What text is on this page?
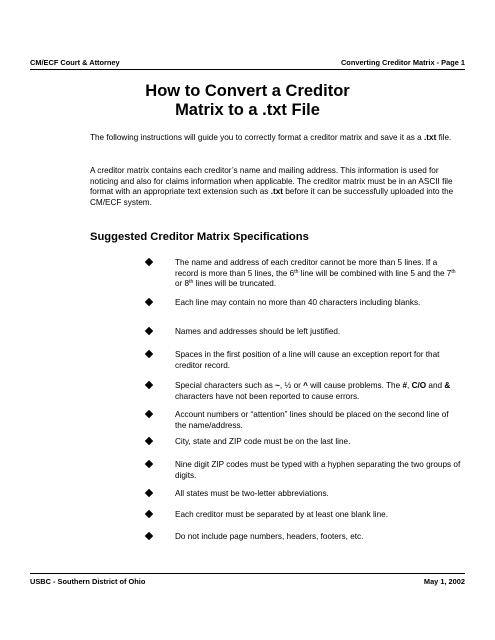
CM/ECF Court & Attorney	Converting Creditor Matrix - Page 1
How to Convert a Creditor
Matrix to a .txt File
The following instructions will guide you to correctly format a creditor matrix and save it as a .txt file.
A creditor matrix contains each creditor’s name and mailing address. This information is used for noticing and also for claims information when applicable. The creditor matrix must be in an ASCII file format with an appropriate text extension such as .txt before it can be successfully uploaded into the CM/ECF system.
Suggested Creditor Matrix Specifications
The name and address of each creditor cannot be more than 5 lines. If a record is more than 5 lines, the 6th line will be combined with line 5 and the 7th or 8th lines will be truncated.
Each line may contain no more than 40 characters including blanks.
Names and addresses should be left justified.
Spaces in the first position of a line will cause an exception report for that creditor record.
Special characters such as ~, ½ or ^ will cause problems. The #, C/O and & characters have not been reported to cause errors.
Account numbers or “attention” lines should be placed on the second line of the name/address.
City, state and ZIP code must be on the last line.
Nine digit ZIP codes must be typed with a hyphen separating the two groups of digits.
All states must be two-letter abbreviations.
Each creditor must be separated by at least one blank line.
Do not include page numbers, headers, footers, etc.
USBC - Southern District of Ohio	May 1, 2002
